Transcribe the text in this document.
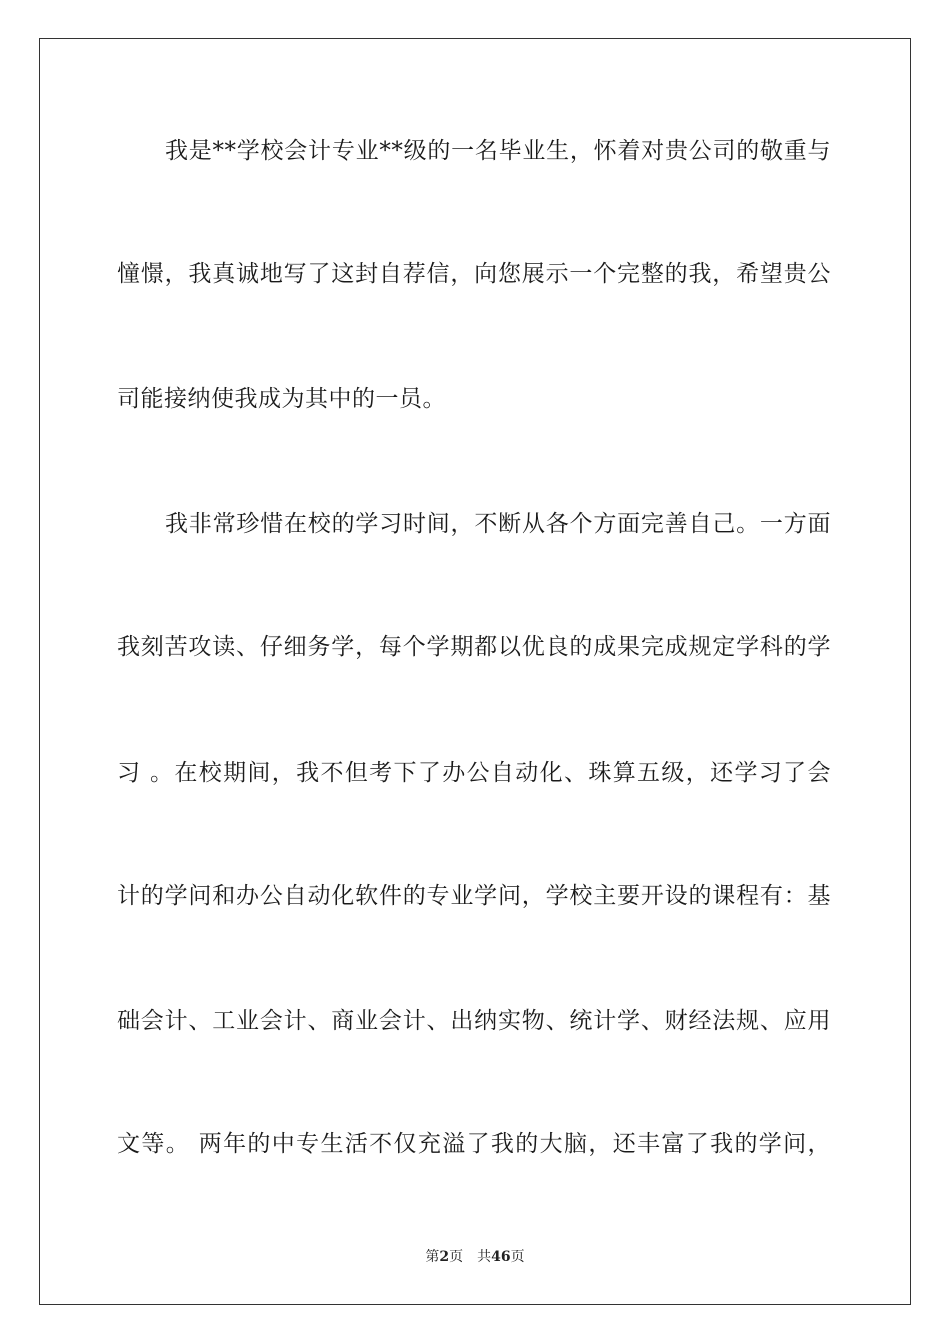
我是**学校会计专业**级的一名毕业生，怀着对贵公司的敬重与
憧憬，我真诚地写了这封自荐信，向您展示一个完整的我，希望贵公
司能接纳使我成为其中的一员。
我非常珍惜在校的学习时间，不断从各个方面完善自己。一方面
我刻苦攻读、仔细务学，每个学期都以优良的成果完成规定学科的学
习 。在校期间，我不但考下了办公自动化、珠算五级，还学习了会
计的学问和办公自动化软件的专业学问，学校主要开设的课程有：基
础会计、工业会计、商业会计、出纳实物、统计学、财经法规、应用
文等。 两年的中专生活不仅充溢了我的大脑，还丰富了我的学问，
第2页 共46页
